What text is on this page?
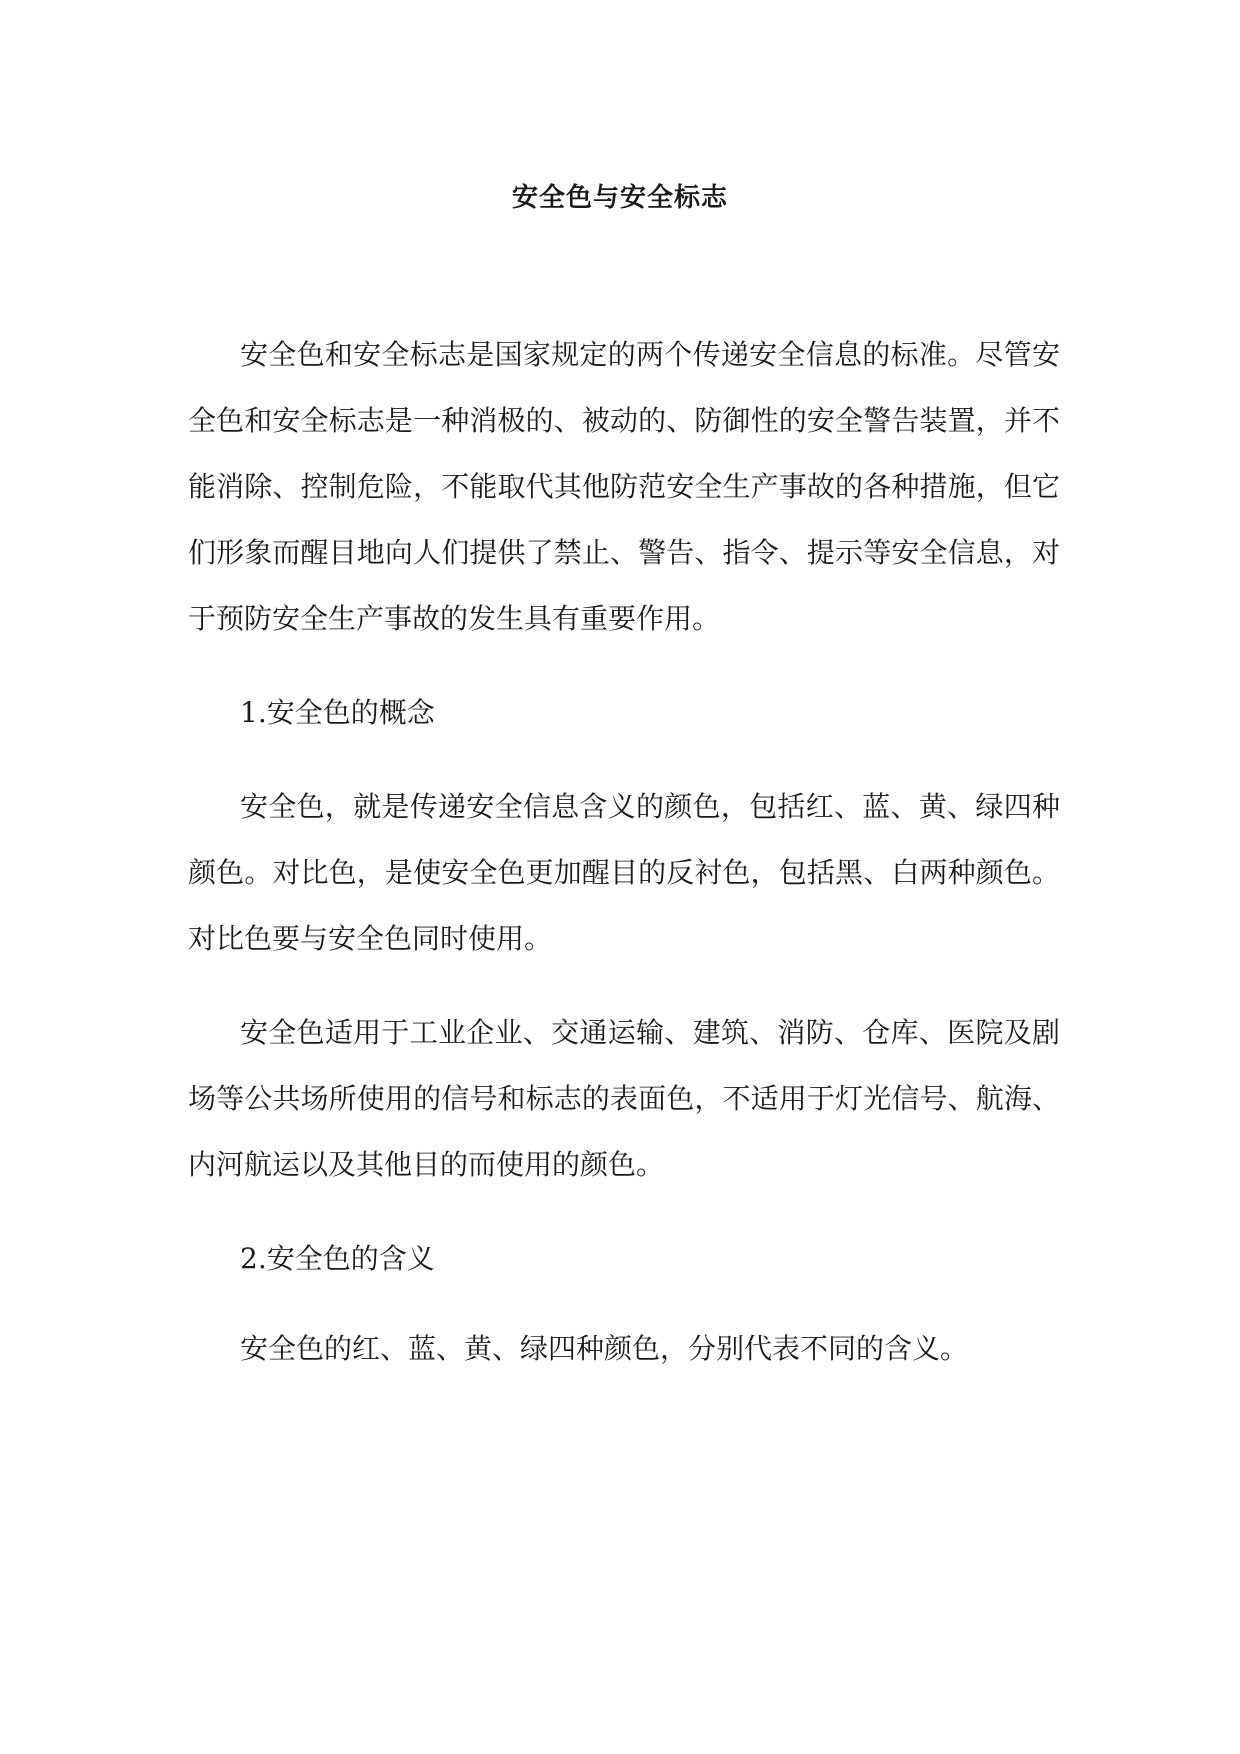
安全色与安全标志

安全色和安全标志是国家规定的两个传递安全信息的标准。尽管安全色和安全标志是一种消极的、被动的、防御性的安全警告装置，并不能消除、控制危险，不能取代其他防范安全生产事故的各种措施，但它们形象而醒目地向人们提供了禁止、警告、指令、提示等安全信息，对于预防安全生产事故的发生具有重要作用。

1.安全色的概念

安全色，就是传递安全信息含义的颜色，包括红、蓝、黄、绿四种颜色。对比色，是使安全色更加醒目的反衬色，包括黑、白两种颜色。对比色要与安全色同时使用。

安全色适用于工业企业、交通运输、建筑、消防、仓库、医院及剧场等公共场所使用的信号和标志的表面色，不适用于灯光信号、航海、内河航运以及其他目的而使用的颜色。

2.安全色的含义

安全色的红、蓝、黄、绿四种颜色，分别代表不同的含义。
